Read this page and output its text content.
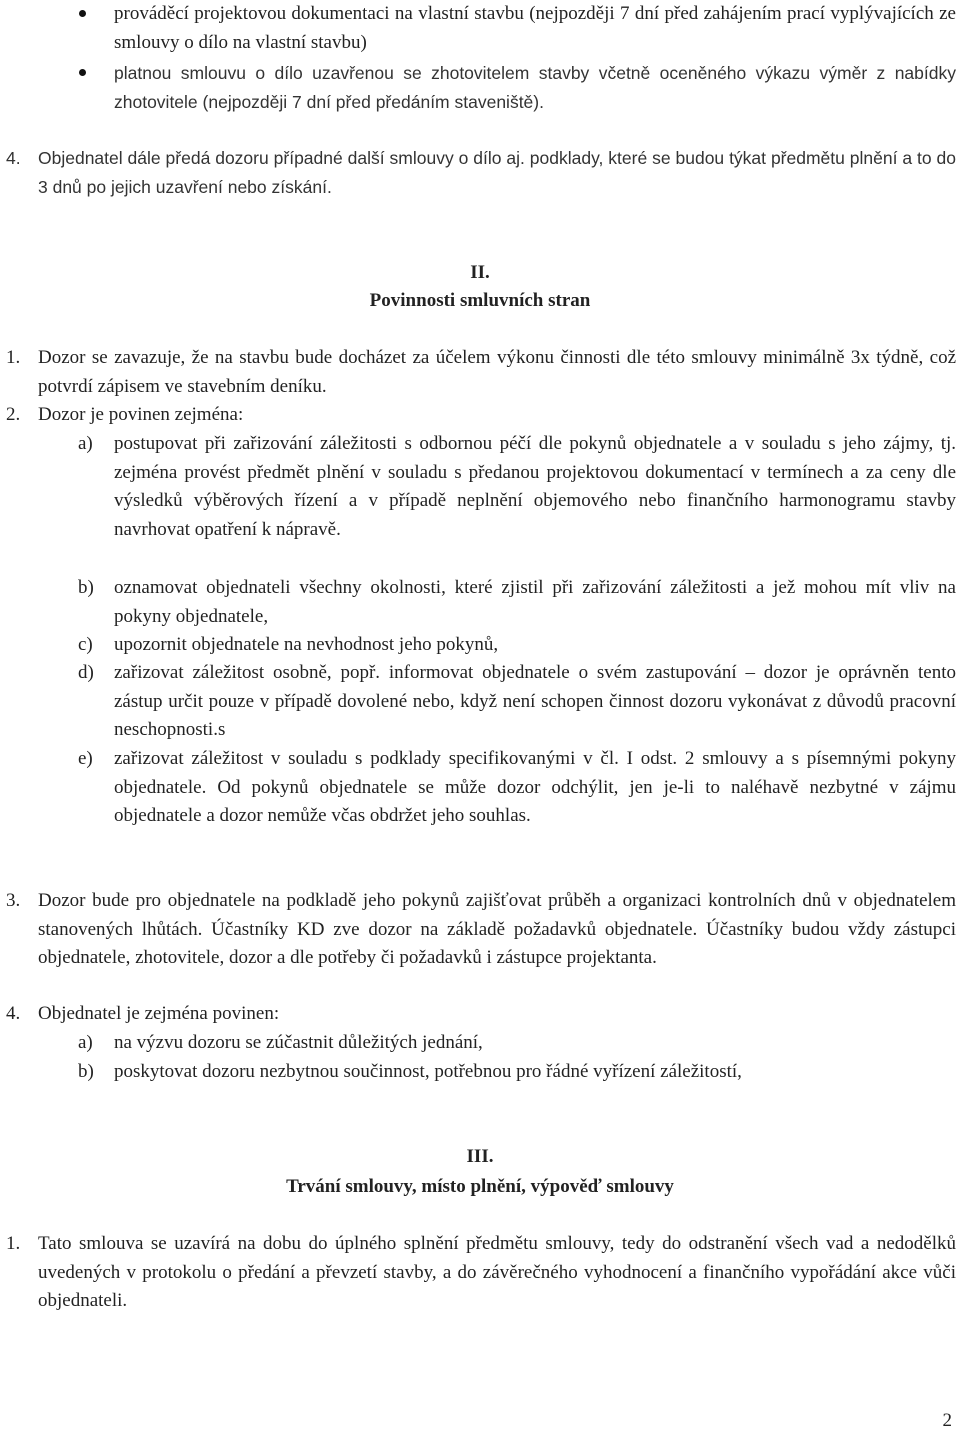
prováděcí projektovou dokumentaci na vlastní stavbu (nejpozději 7 dní před zahájením prací vyplývajících ze smlouvy o dílo na vlastní stavbu)
platnou smlouvu o dílo uzavřenou se zhotovitelem stavby včetně oceněného výkazu výměr z nabídky zhotovitele (nejpozději 7 dní před předáním staveniště).
4. Objednatel dále předá dozoru případné další smlouvy o dílo aj. podklady, které se budou týkat předmětu plnění a to do 3 dnů po jejich uzavření nebo získání.
II.
Povinnosti smluvních stran
1. Dozor se zavazuje, že na stavbu bude docházet za účelem výkonu činnosti dle této smlouvy minimálně 3x týdně, což potvrdí zápisem ve stavebním deníku.
2. Dozor je povinen zejména:
a) postupovat při zařizování záležitosti s odbornou péčí dle pokynů objednatele a v souladu s jeho zájmy, tj. zejména provést předmět plnění v souladu s předanou projektovou dokumentací v termínech a za ceny dle výsledků výběrových řízení a v případě neplnění objemového nebo finančního harmonogramu stavby navrhovat opatření k nápravě.
b) oznamovat objednateli všechny okolnosti, které zjistil při zařizování záležitosti a jež mohou mít vliv na pokyny objednatele,
c) upozornit objednatele na nevhodnost jeho pokynů,
d) zařizovat záležitost osobně, popř. informovat objednatele o svém zastupování – dozor je oprávněn tento zástup určit pouze v případě dovolené nebo, když není schopen činnost dozoru vykonávat z důvodů pracovní neschopnosti.s
e) zařizovat záležitost v souladu s podklady specifikovanými v čl. I odst. 2 smlouvy a s písemnými pokyny objednatele. Od pokynů objednatele se může dozor odchýlit, jen je-li to naléhavě nezbytné v zájmu objednatele a dozor nemůže včas obdržet jeho souhlas.
3. Dozor bude pro objednatele na podkladě jeho pokynů zajišťovat průběh a organizaci kontrolních dnů v objednatelem stanovených lhůtách. Účastníky KD zve dozor na základě požadavků objednatele. Účastníky budou vždy zástupci objednatele, zhotovitele, dozor a dle potřeby či požadavků i zástupce projektanta.
4. Objednatel je zejména povinen:
a) na výzvu dozoru se zúčastnit důležitých jednání,
b) poskytovat dozoru nezbytnou součinnost, potřebnou pro řádné vyřízení záležitostí,
III.
Trvání smlouvy, místo plnění, výpověď smlouvy
1. Tato smlouva se uzavírá na dobu do úplného splnění předmětu smlouvy, tedy do odstranění všech vad a nedodělků uvedených v protokolu o předání a převzetí stavby, a do závěrečného vyhodnocení a finančního vypořádání akce vůči objednateli.
2
